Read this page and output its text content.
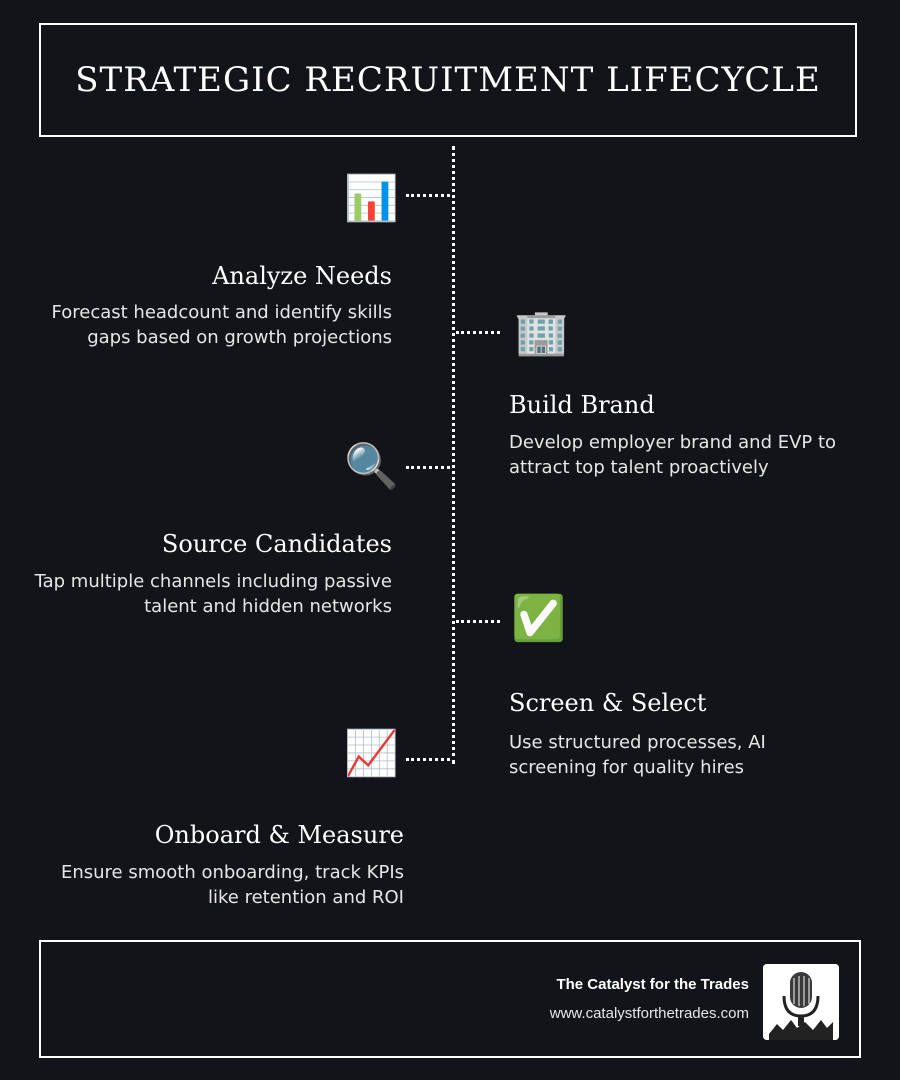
STRATEGIC RECRUITMENT LIFECYCLE
📊
Analyze Needs

Forecast headcount and identify skills gaps based on growth projections	🏢
Build Brand

Develop employer brand and EVP to attract top talent proactively

🔍
Source Candidates

Tap multiple channels including passive talent and hidden networks	✅
Screen & Select

Use structured processes, AI screening for quality hires

📈
Onboard & Measure

Ensure smooth onboarding, track KPIs like retention and ROI

The Catalyst for the Trades
www.catalystforthetrades.com
